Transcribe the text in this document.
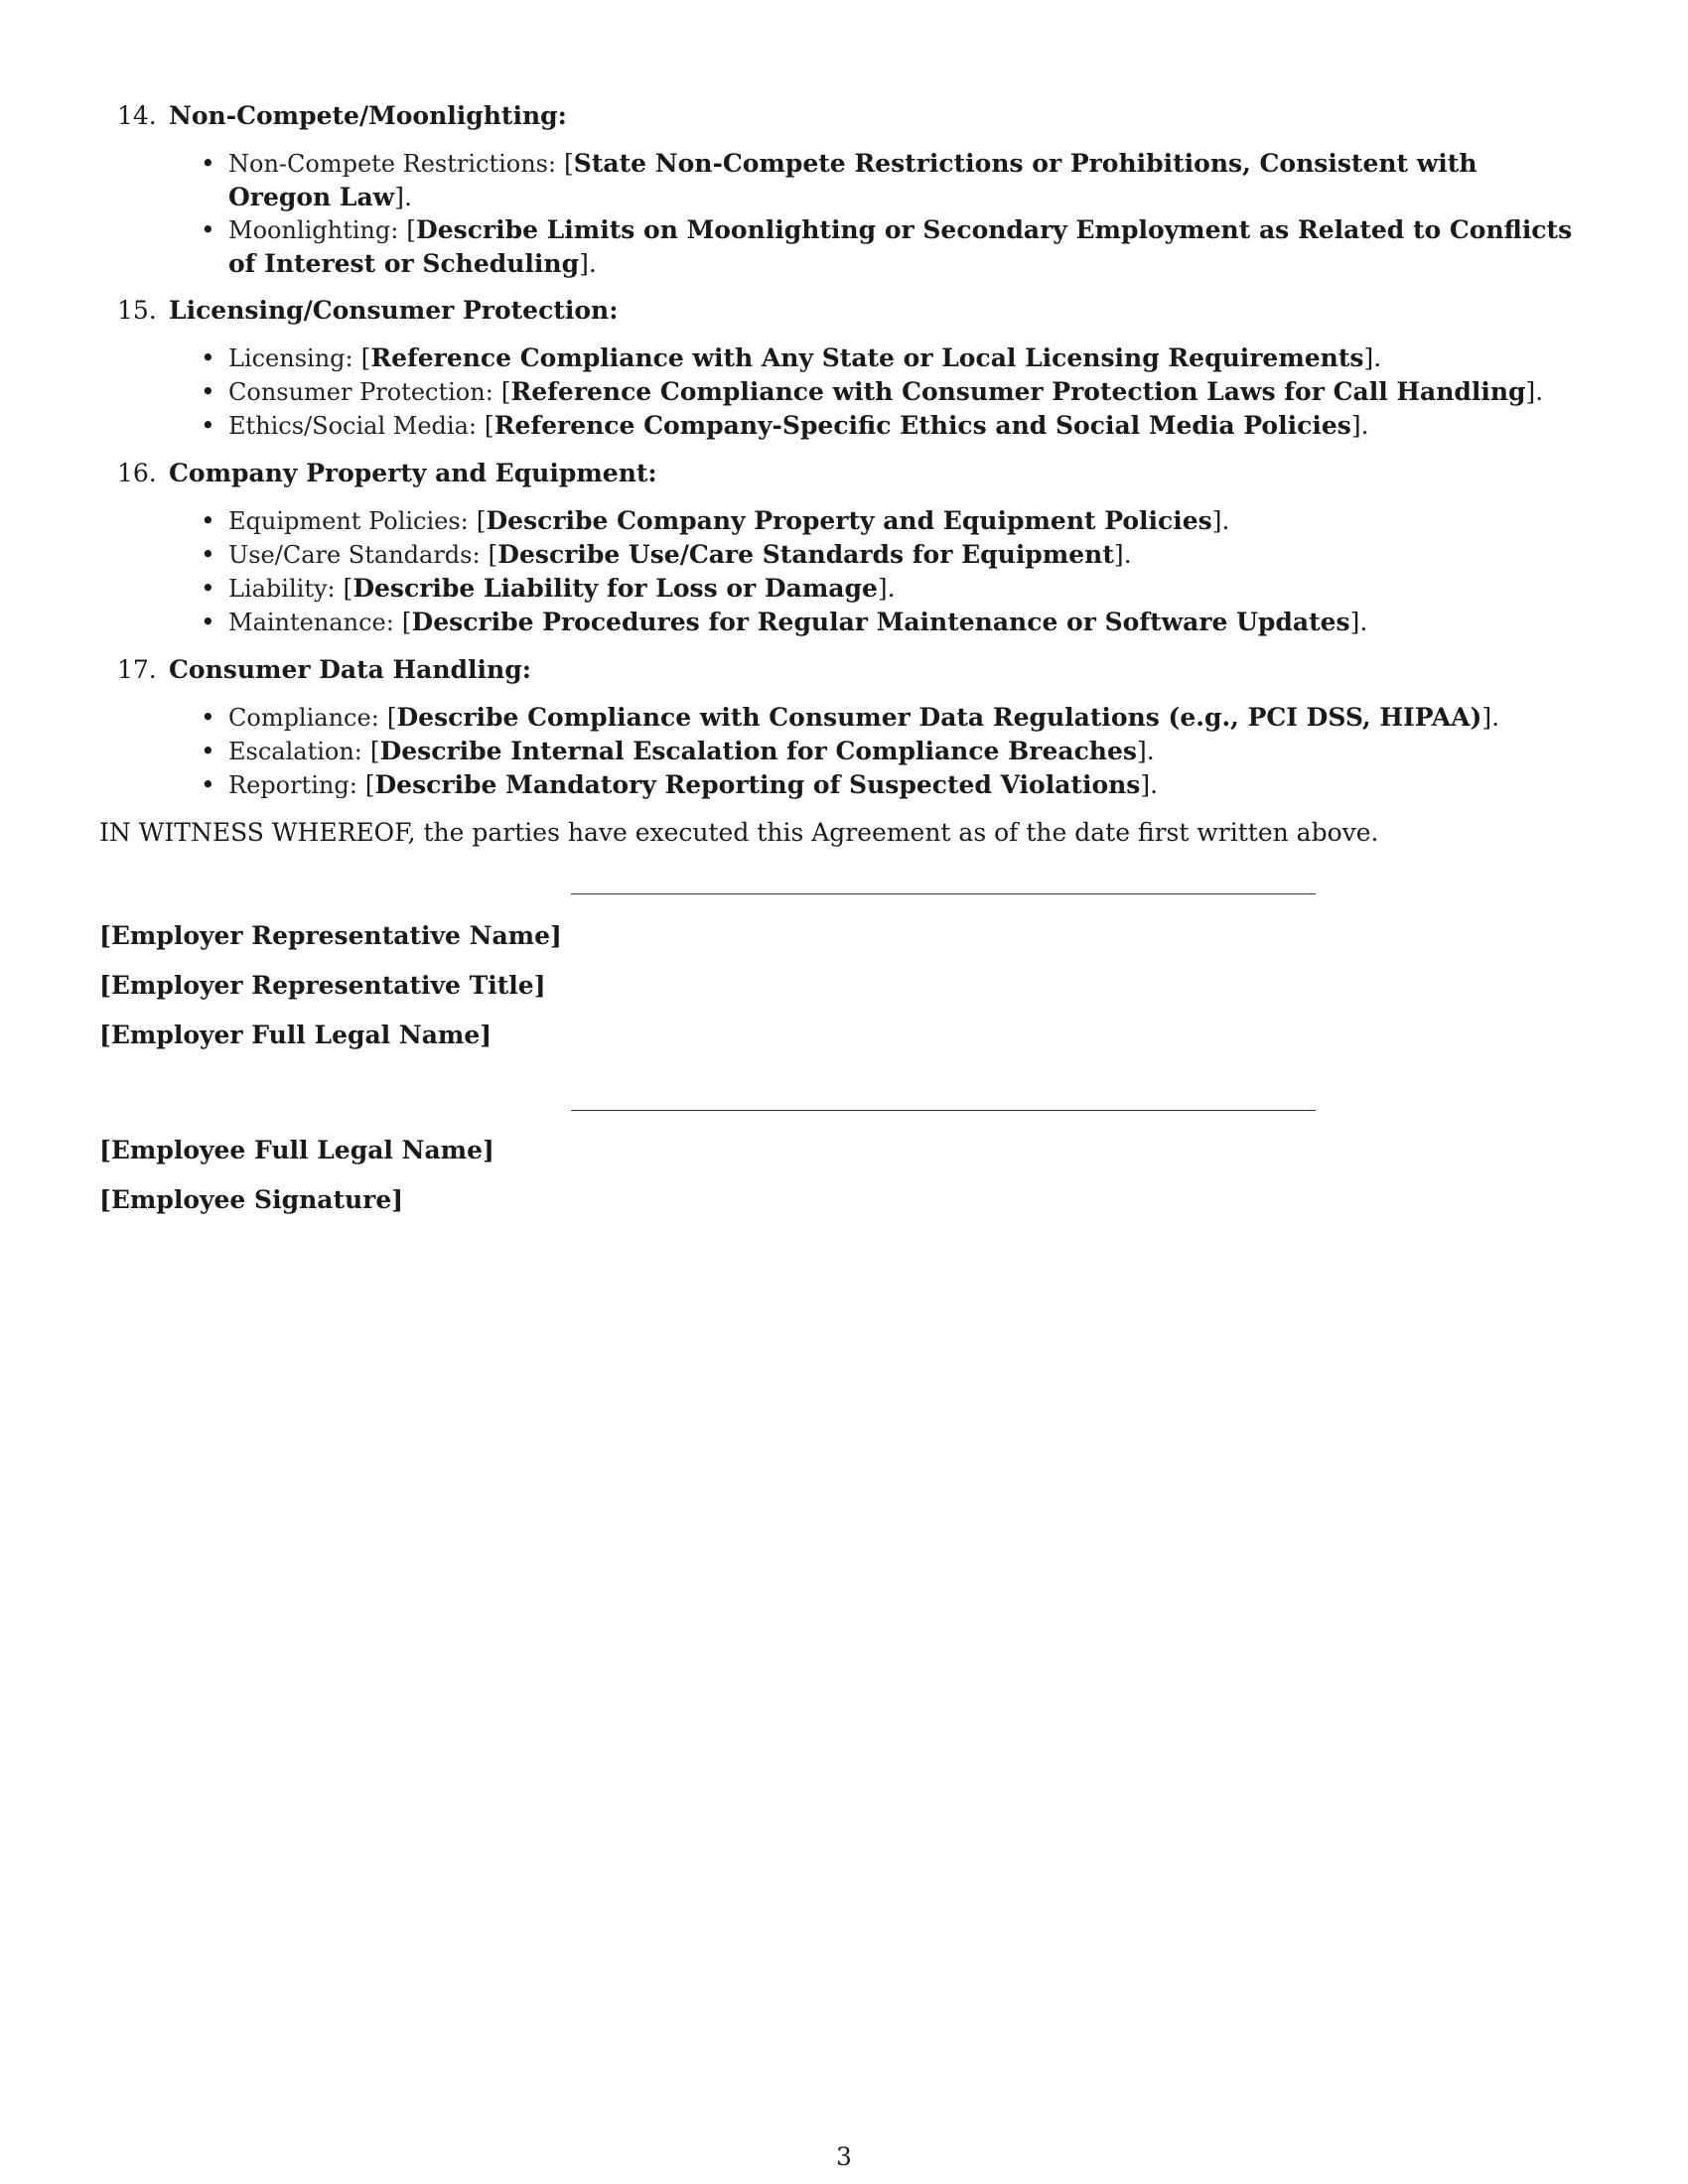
14. Non-Compete/Moonlighting:
• Non-Compete Restrictions: [State Non-Compete Restrictions or Prohibitions, Consistent with Oregon Law].
• Moonlighting: [Describe Limits on Moonlighting or Secondary Employment as Related to Conflicts of Interest or Scheduling].
15. Licensing/Consumer Protection:
• Licensing: [Reference Compliance with Any State or Local Licensing Requirements].
• Consumer Protection: [Reference Compliance with Consumer Protection Laws for Call Handling].
• Ethics/Social Media: [Reference Company-Specific Ethics and Social Media Policies].
16. Company Property and Equipment:
• Equipment Policies: [Describe Company Property and Equipment Policies].
• Use/Care Standards: [Describe Use/Care Standards for Equipment].
• Liability: [Describe Liability for Loss or Damage].
• Maintenance: [Describe Procedures for Regular Maintenance or Software Updates].
17. Consumer Data Handling:
• Compliance: [Describe Compliance with Consumer Data Regulations (e.g., PCI DSS, HIPAA)].
• Escalation: [Describe Internal Escalation for Compliance Breaches].
• Reporting: [Describe Mandatory Reporting of Suspected Violations].
IN WITNESS WHEREOF, the parties have executed this Agreement as of the date first written above.

[Employer Representative Name]

[Employer Representative Title]

[Employer Full Legal Name]

[Employee Full Legal Name]

[Employee Signature]

3
